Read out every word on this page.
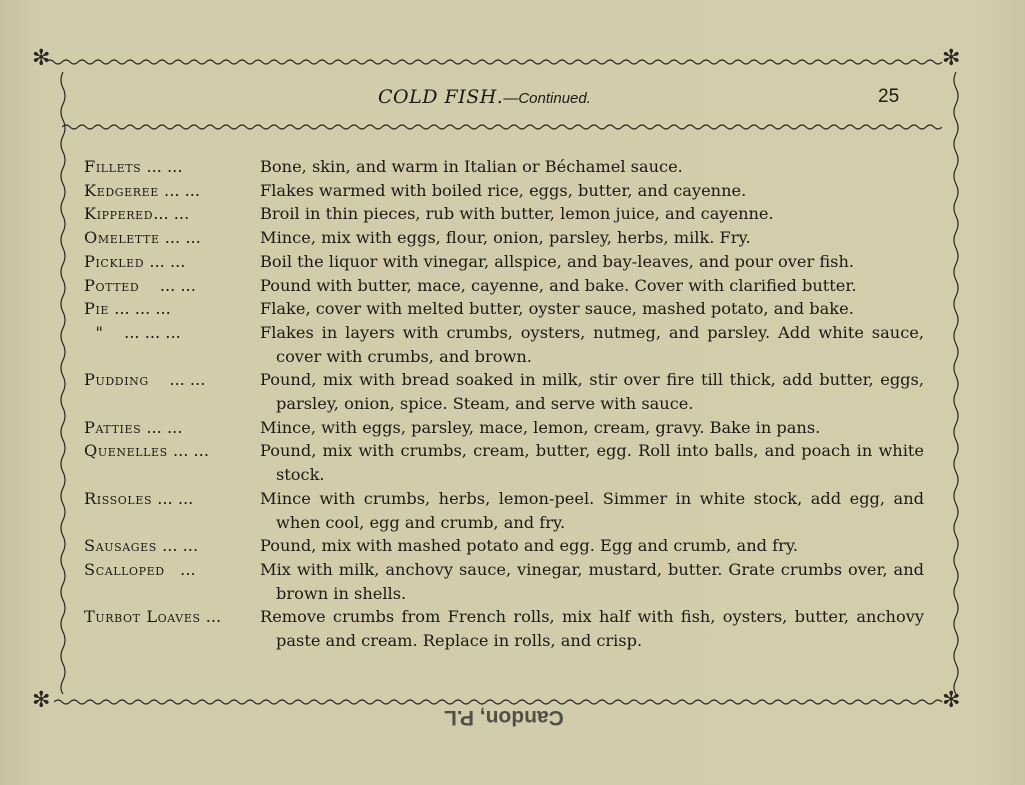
✻	✻
✻	✻
COLD FISH.—Continued.	25
Fillets ... ...	Bone, skin, and warm in Italian or Béchamel sauce.
Kedgeree ... ...	Flakes warmed with boiled rice, eggs, butter, and cayenne.
Kippered... ...	Broil in thin pieces, rub with butter, lemon juice, and cayenne.
Omelette ... ...	Mince, mix with eggs, flour, onion, parsley, herbs, milk. Fry.
Pickled ... ...	Boil the liquor with vinegar, allspice, and bay-leaves, and pour over fish.
Potted    ... ...	Pound with butter, mace, cayenne, and bake. Cover with clarified butter.
Pie ... ... ...	Flake, cover with melted butter, oyster sauce, mashed potato, and bake.
"    ... ... ...	Flakes in layers with crumbs, oysters, nutmeg, and parsley. Add white sauce, cover with crumbs, and brown.
Pudding    ... ...	Pound, mix with bread soaked in milk, stir over fire till thick, add butter, eggs, parsley, onion, spice. Steam, and serve with sauce.
Patties ... ...	Mince, with eggs, parsley, mace, lemon, cream, gravy. Bake in pans.
Quenelles ... ...	Pound, mix with crumbs, cream, butter, egg. Roll into balls, and poach in white stock.
Rissoles ... ...	Mince with crumbs, herbs, lemon-peel. Simmer in white stock, add egg, and when cool, egg and crumb, and fry.
Sausages ... ...	Pound, mix with mashed potato and egg. Egg and crumb, and fry.
Scalloped   ...	Mix with milk, anchovy sauce, vinegar, mustard, butter. Grate crumbs over, and brown in shells.
Turbot Loaves ...	Remove crumbs from French rolls, mix half with fish, oysters, butter, anchovy paste and cream. Replace in rolls, and crisp.
Candon, P.L
